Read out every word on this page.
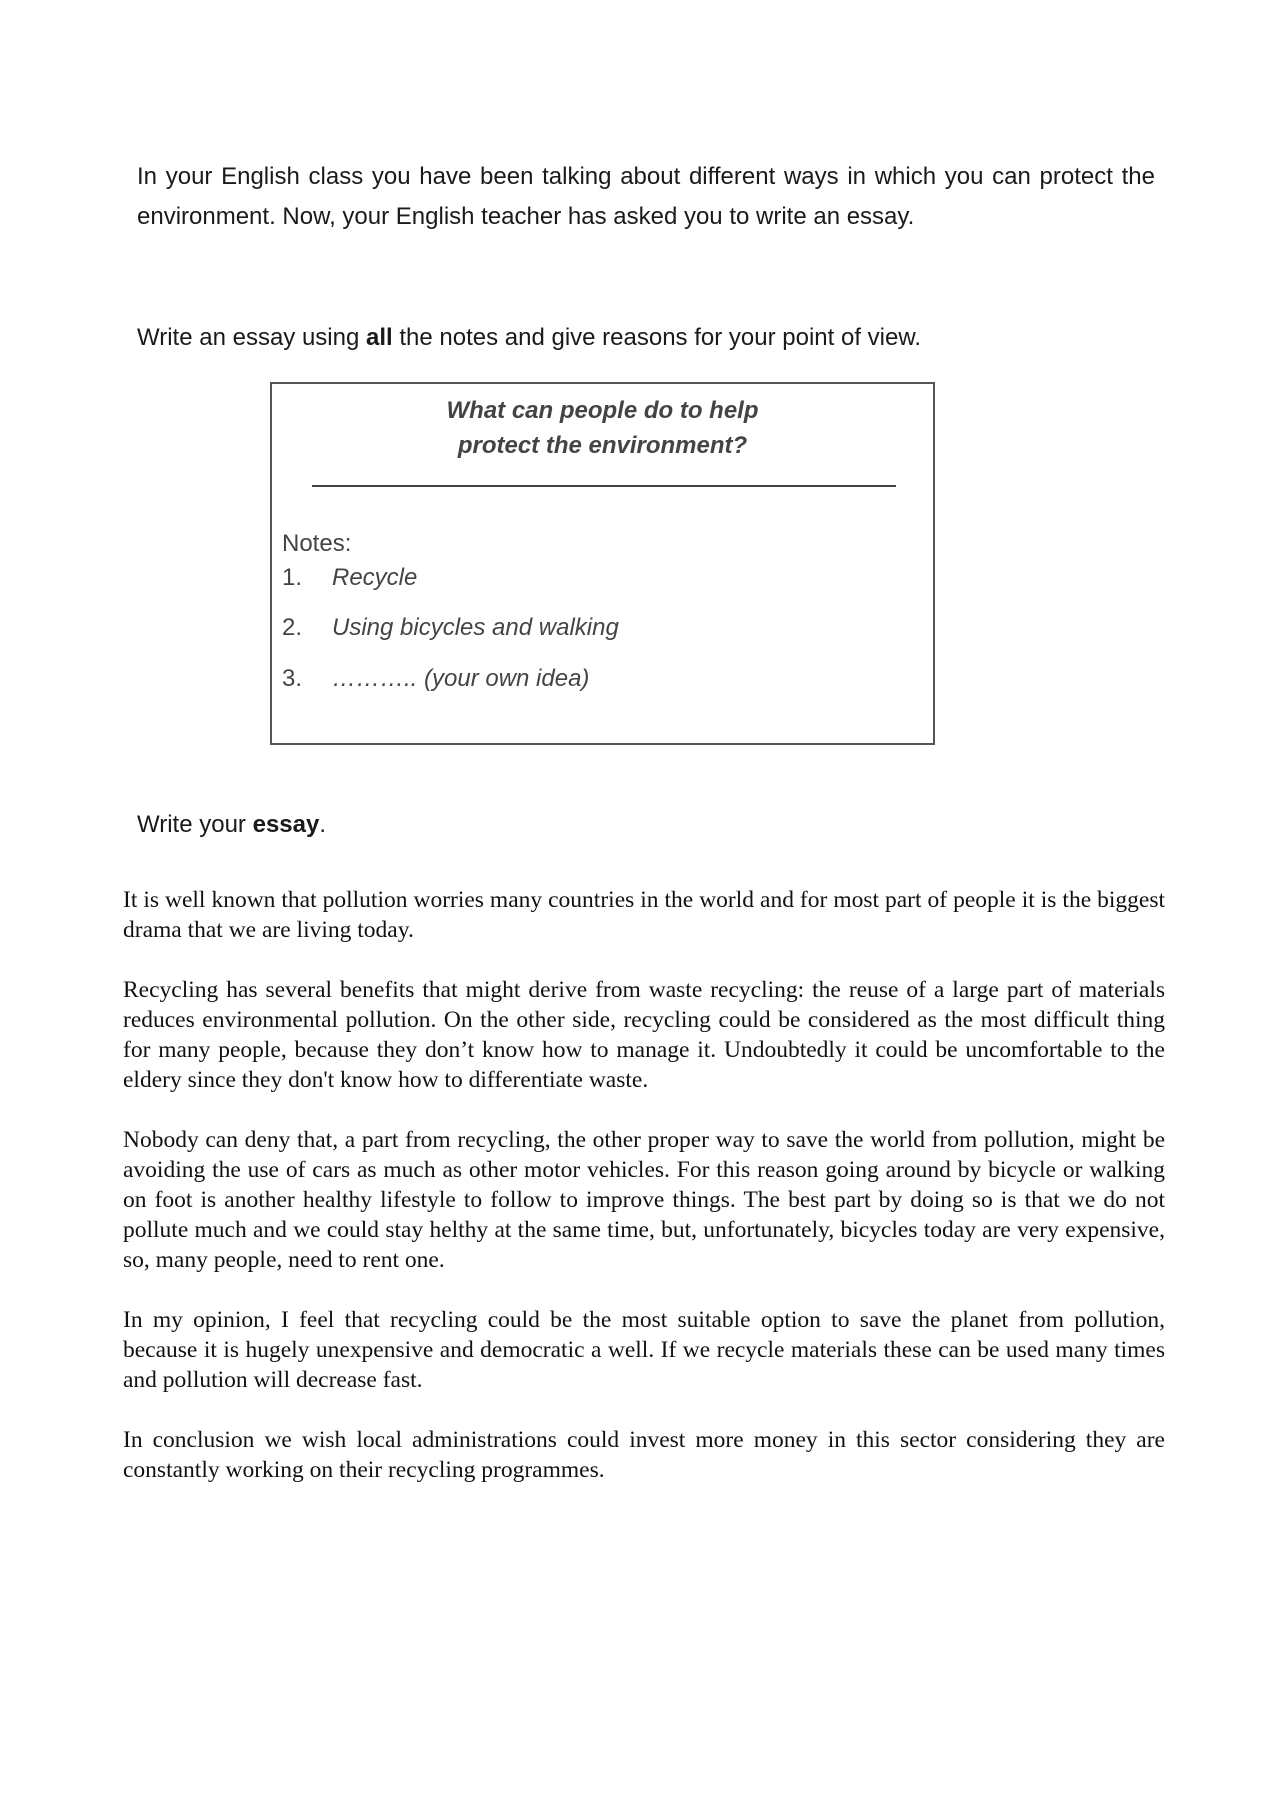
In your English class you have been talking about different ways in which you can protect the environment. Now, your English teacher has asked you to write an essay.
Write an essay using all the notes and give reasons for your point of view.
What can people do to help
protect the environment?
Notes:
1. Recycle
2. Using bicycles and walking
3. ……….. (your own idea)
Write your essay.

It is well known that pollution worries many countries in the world and for most part of people it is the biggest drama that we are living today.

Recycling has several benefits that might derive from waste recycling: the reuse of a large part of materials reduces environmental pollution. On the other side, recycling could be considered as the most difficult thing for many people, because they don’t know how to manage it. Undoubtedly it could be uncomfortable to the eldery since they don't know how to differentiate waste.

Nobody can deny that, a part from recycling, the other proper way to save the world from pollution, might be avoiding the use of cars as much as other motor vehicles. For this reason going around by bicycle or walking on foot is another healthy lifestyle to follow to improve things. The best part by doing so is that we do not pollute much and we could stay helthy at the same time, but, unfortunately, bicycles today are very expensive, so, many people, need to rent one.

In my opinion, I feel that recycling could be the most suitable option to save the planet from pollution, because it is hugely unexpensive and democratic a well. If we recycle materials these can be used many times and pollution will decrease fast.

In conclusion we wish local administrations could invest more money in this sector considering they are constantly working on their recycling programmes.
